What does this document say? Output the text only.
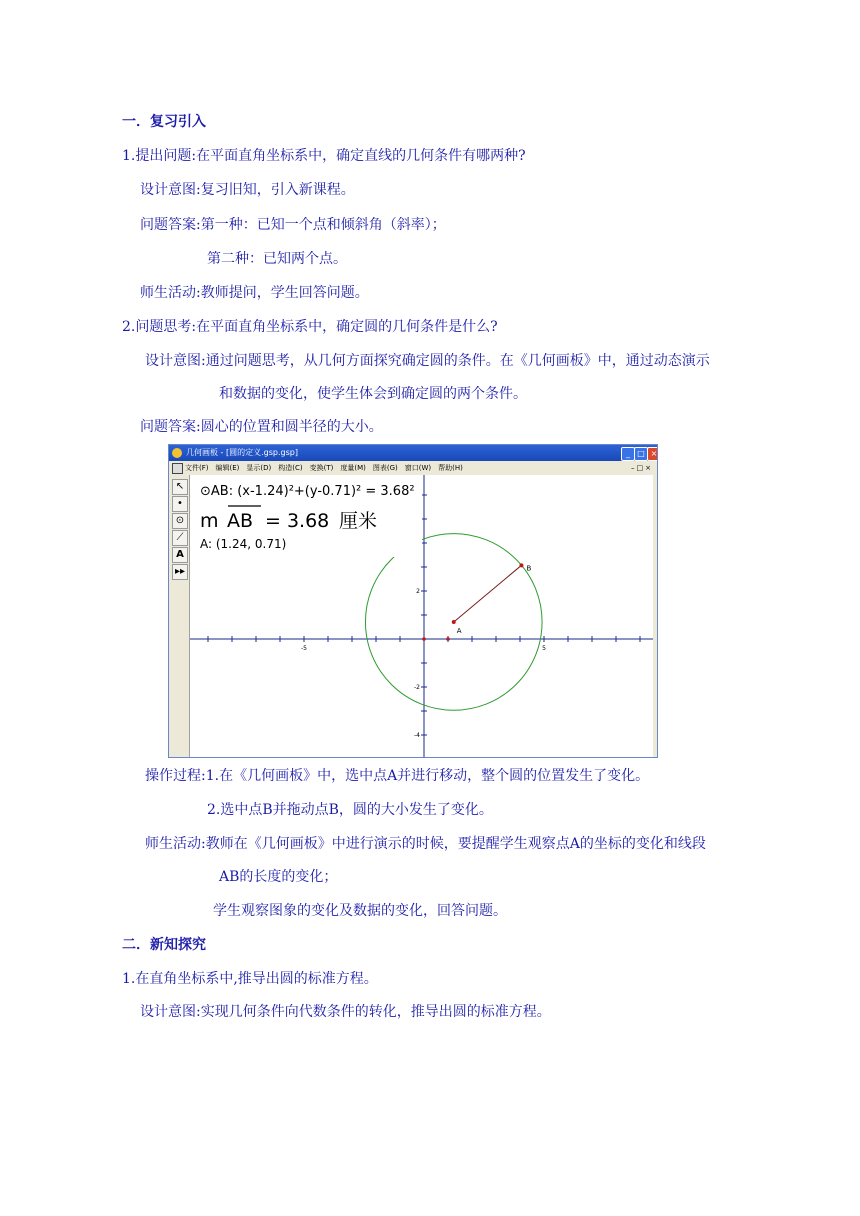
一．复习引入
1.提出问题:在平面直角坐标系中，确定直线的几何条件有哪两种?
设计意图:复习旧知，引入新课程。
问题答案:第一种：已知一个点和倾斜角（斜率）；
第二种：已知两个点。
师生活动:教师提问，学生回答问题。
2.问题思考:在平面直角坐标系中，确定圆的几何条件是什么?
设计意图:通过问题思考，从几何方面探究确定圆的条件。在《几何画板》中，通过动态演示
和数据的变化，使学生体会到确定圆的两个条件。
问题答案:圆心的位置和圆半径的大小。
几何画板 - [圆的定义.gsp.gsp]	_ □ ×
文件(F) 编辑(E) 显示(D) 构造(C) 变换(T) 度量(M) 图表(G) 窗口(W) 帮助(H)	–□×
↖
•
⊙
⟋
A
▸▸
-5	5
2
-2
-4
A
B
⊙AB: (x-1.24)²+(y-0.71)² = 3.68²
m AB = 3.68 厘米
A: (1.24, 0.71)
操作过程:1.在《几何画板》中，选中点A并进行移动，整个圆的位置发生了变化。
2.选中点B并拖动点B，圆的大小发生了变化。
师生活动:教师在《几何画板》中进行演示的时候，要提醒学生观察点A的坐标的变化和线段
AB的长度的变化；
学生观察图象的变化及数据的变化，回答问题。
二．新知探究
1.在直角坐标系中,推导出圆的标准方程。
设计意图:实现几何条件向代数条件的转化，推导出圆的标准方程。
